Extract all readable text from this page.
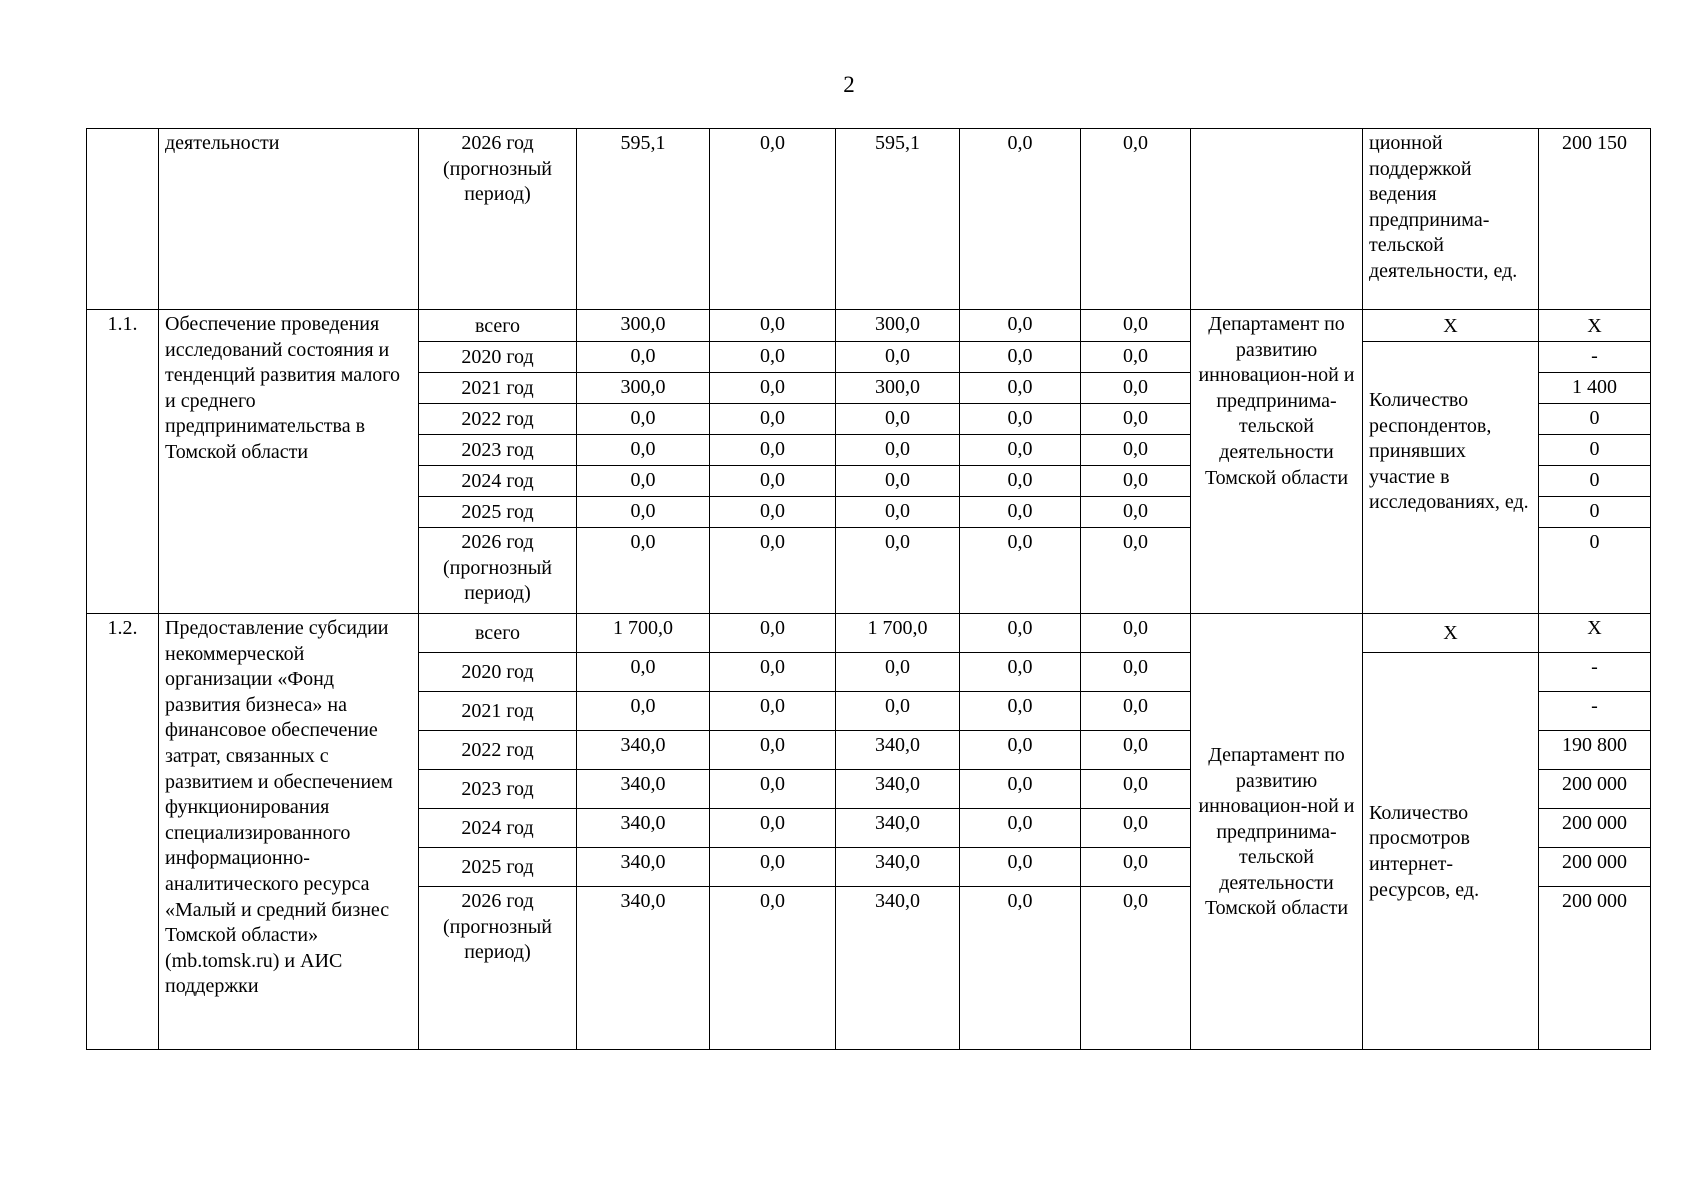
2
	деятельности	2026 год (прогнозный период)	595,1	0,0	595,1	0,0	0,0		ционной поддержкой ведения предпринима-тельской деятельности, ед.	200 150
1.1.	Обеспечение проведения исследований состояния и тенденций развития малого и среднего предпринимательства в Томской области	всего	300,0	0,0	300,0	0,0	0,0	Департамент по развитию инновацион-ной и предпринима-тельской деятельности Томской области	Х	Х
		2020 год	0,0	0,0	0,0	0,0	0,0		Количество респондентов, принявших участие в исследованиях, ед.	-
		2021 год	300,0	0,0	300,0	0,0	0,0			1 400
		2022 год	0,0	0,0	0,0	0,0	0,0			0
		2023 год	0,0	0,0	0,0	0,0	0,0			0
		2024 год	0,0	0,0	0,0	0,0	0,0			0
		2025 год	0,0	0,0	0,0	0,0	0,0			0
		2026 год (прогнозный период)	0,0	0,0	0,0	0,0	0,0			0
1.2.	Предоставление субсидии некоммерческой организации «Фонд развития бизнеса» на финансовое обеспечение затрат, связанных с развитием и обеспечением функционирования специализированного информационно-аналитического ресурса «Малый и средний бизнес Томской области» (mb.tomsk.ru) и АИС поддержки	всего	1 700,0	0,0	1 700,0	0,0	0,0	Департамент по развитию инновацион-ной и предпринима-тельской деятельности Томской области	Х	Х
		2020 год	0,0	0,0	0,0	0,0	0,0		Количество просмотров интернет-ресурсов, ед.	-
		2021 год	0,0	0,0	0,0	0,0	0,0			-
		2022 год	340,0	0,0	340,0	0,0	0,0			190 800
		2023 год	340,0	0,0	340,0	0,0	0,0			200 000
		2024 год	340,0	0,0	340,0	0,0	0,0			200 000
		2025 год	340,0	0,0	340,0	0,0	0,0			200 000
		2026 год (прогнозный период)	340,0	0,0	340,0	0,0	0,0			200 000
